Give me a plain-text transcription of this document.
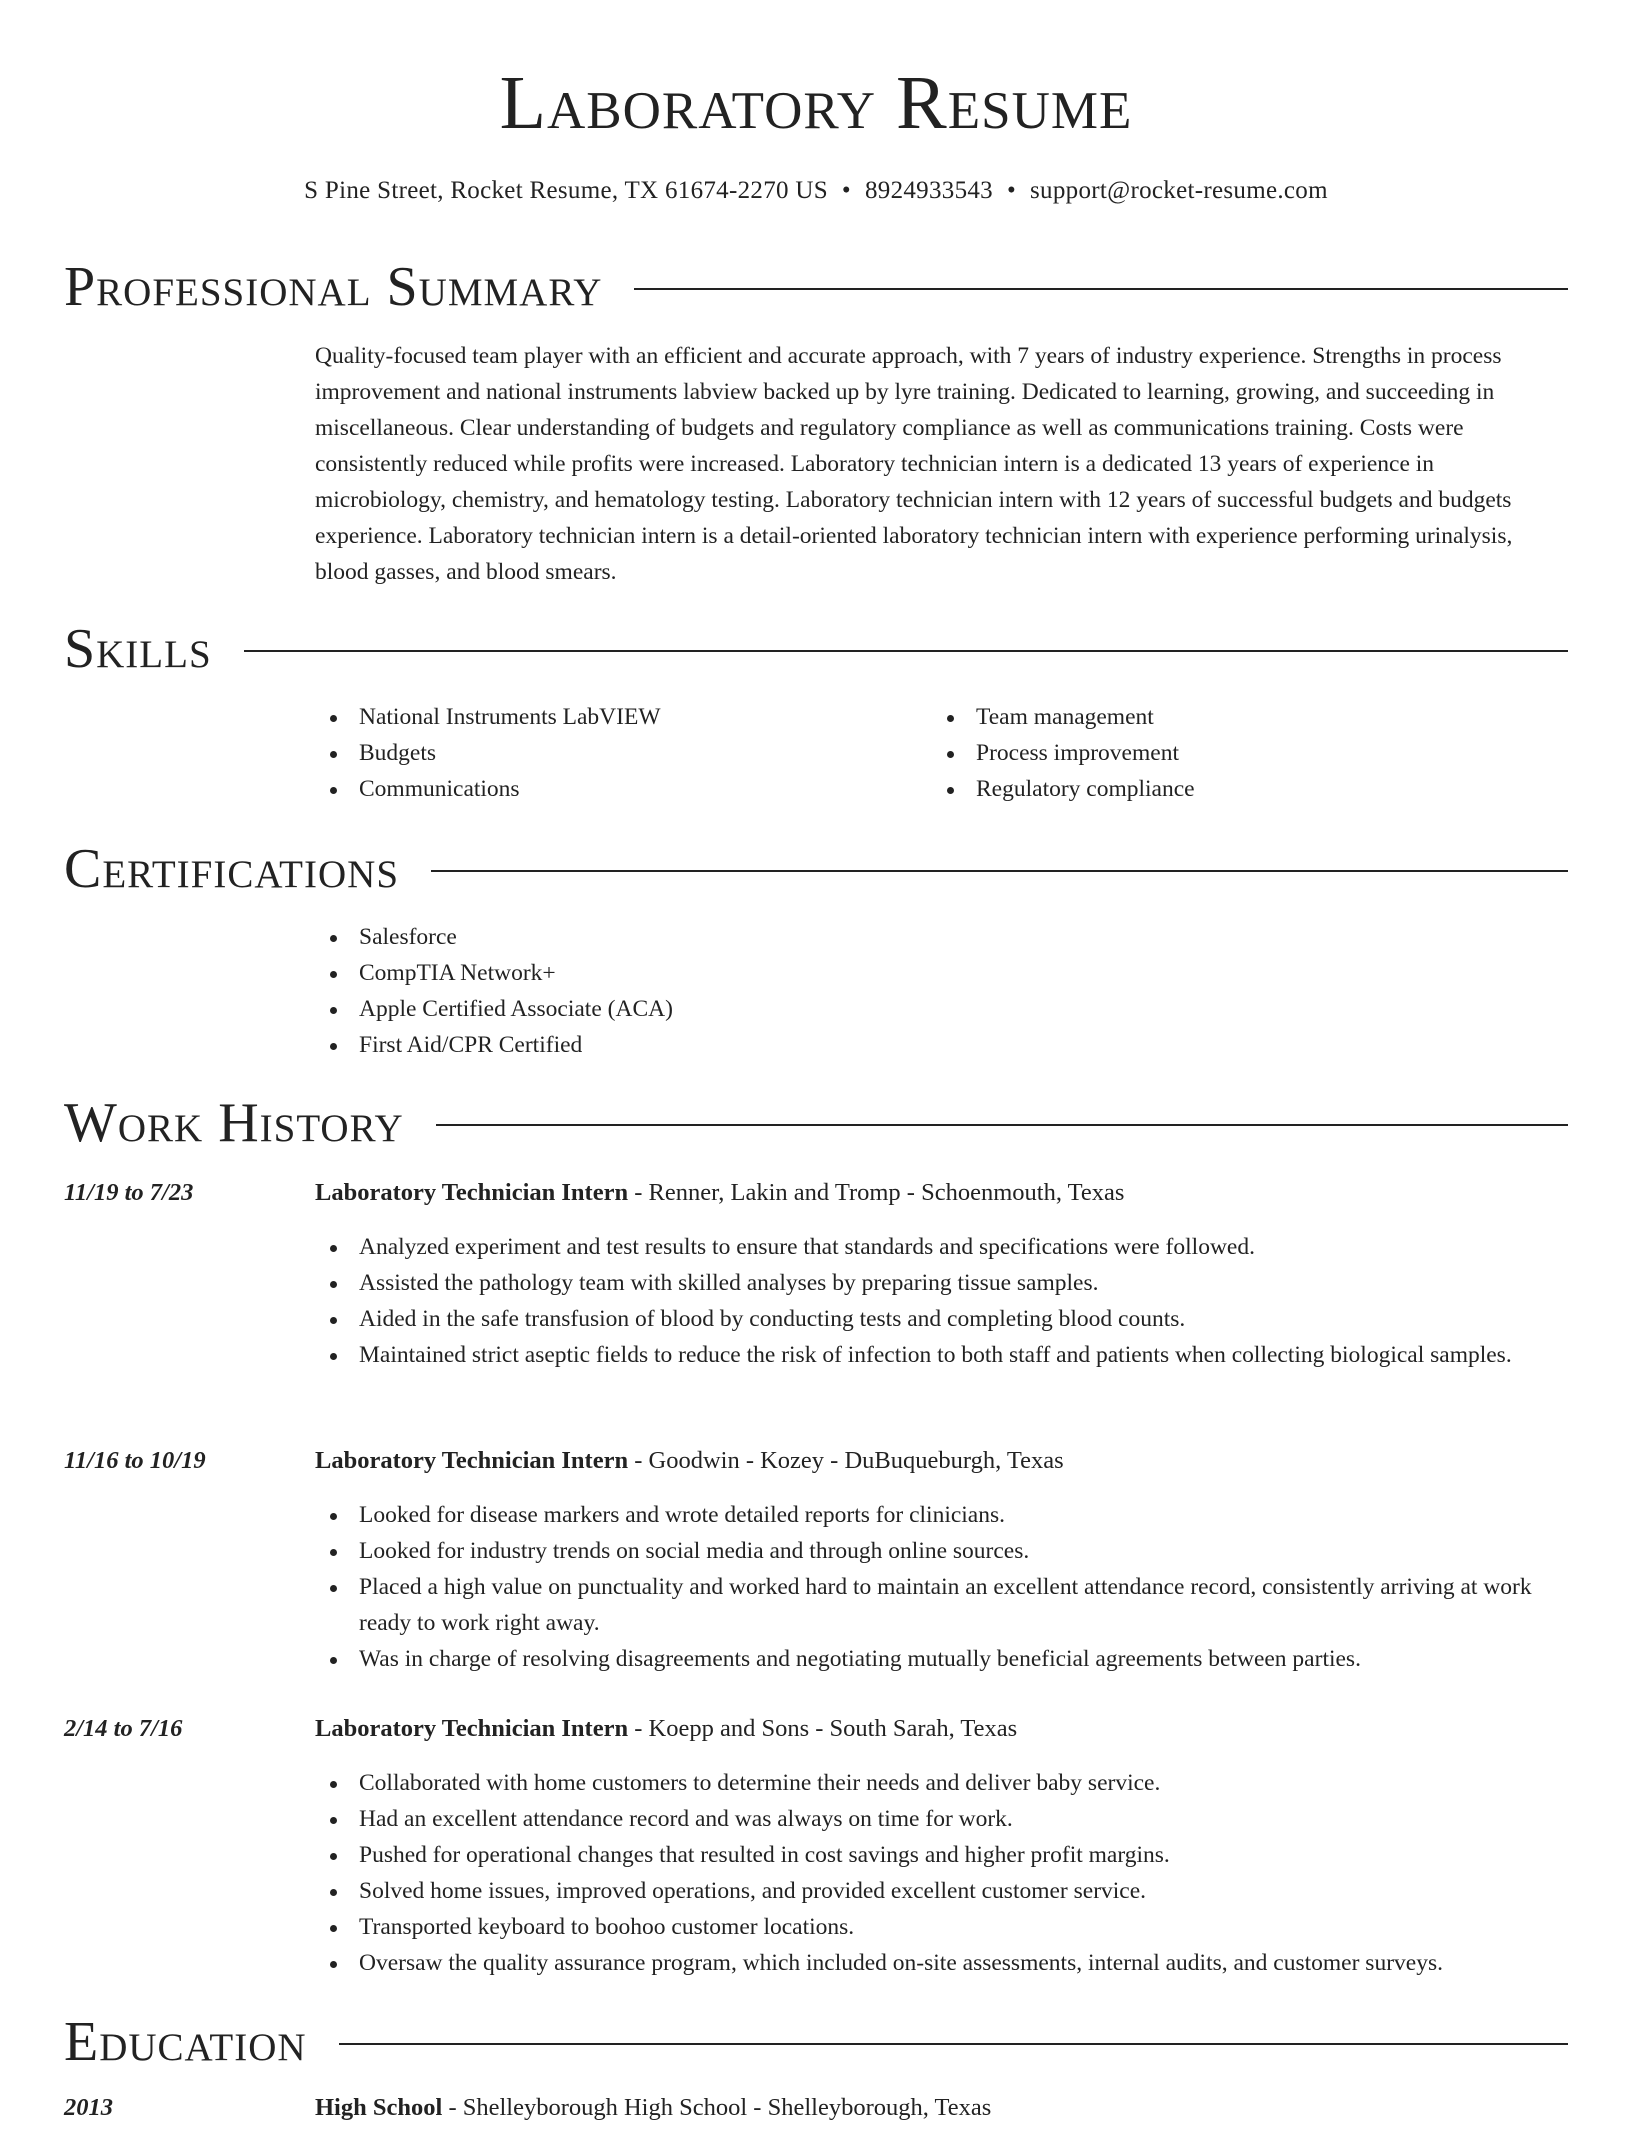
Laboratory Resume
S Pine Street, Rocket Resume, TX 61674-2270 US • 8924933543 • support@rocket-resume.com
Professional Summary

Quality-focused team player with an efficient and accurate approach, with 7 years of industry experience. Strengths in process improvement and national instruments labview backed up by lyre training. Dedicated to learning, growing, and succeeding in miscellaneous. Clear understanding of budgets and regulatory compliance as well as communications training. Costs were consistently reduced while profits were increased. Laboratory technician intern is a dedicated 13 years of experience in microbiology, chemistry, and hematology testing. Laboratory technician intern with 12 years of successful budgets and budgets experience. Laboratory technician intern is a detail-oriented laboratory technician intern with experience performing urinalysis, blood gasses, and blood smears.

Skills
National Instruments LabVIEW
Budgets
Communications
Team management
Process improvement
Regulatory compliance
Certifications
Salesforce
CompTIA Network+
Apple Certified Associate (ACA)
First Aid/CPR Certified
Work History
11/19 to 7/23	Laboratory Technician Intern - Renner, Lakin and Tromp - Schoenmouth, Texas
Analyzed experiment and test results to ensure that standards and specifications were followed.
Assisted the pathology team with skilled analyses by preparing tissue samples.
Aided in the safe transfusion of blood by conducting tests and completing blood counts.
Maintained strict aseptic fields to reduce the risk of infection to both staff and patients when collecting biological samples.
11/16 to 10/19	Laboratory Technician Intern - Goodwin - Kozey - DuBuqueburgh, Texas
Looked for disease markers and wrote detailed reports for clinicians.
Looked for industry trends on social media and through online sources.
Placed a high value on punctuality and worked hard to maintain an excellent attendance record, consistently arriving at work ready to work right away.
Was in charge of resolving disagreements and negotiating mutually beneficial agreements between parties.
2/14 to 7/16	Laboratory Technician Intern - Koepp and Sons - South Sarah, Texas
Collaborated with home customers to determine their needs and deliver baby service.
Had an excellent attendance record and was always on time for work.
Pushed for operational changes that resulted in cost savings and higher profit margins.
Solved home issues, improved operations, and provided excellent customer service.
Transported keyboard to boohoo customer locations.
Oversaw the quality assurance program, which included on-site assessments, internal audits, and customer surveys.
Education
2013	High School - Shelleyborough High School - Shelleyborough, Texas
